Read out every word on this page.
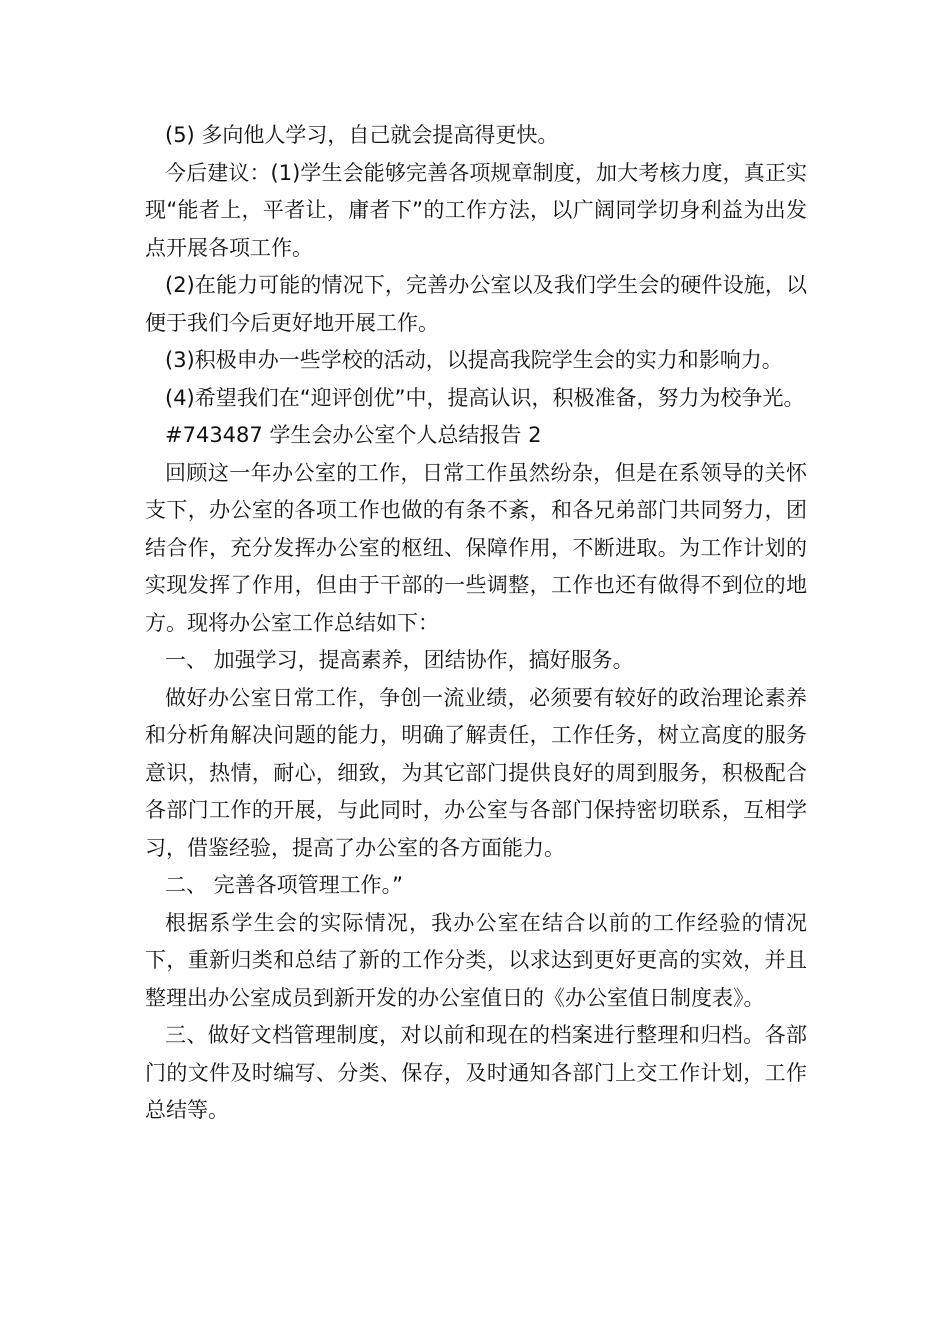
(5) 多向他人学习，自己就会提高得更快。

今后建议：(1)学生会能够完善各项规章制度，加大考核力度，真正实现“能者上，平者让，庸者下”的工作方法，以广阔同学切身利益为出发点开展各项工作。

(2)在能力可能的情况下，完善办公室以及我们学生会的硬件设施，以便于我们今后更好地开展工作。

(3)积极申办一些学校的活动，以提高我院学生会的实力和影响力。

(4)希望我们在“迎评创优”中，提高认识，积极准备，努力为校争光。

#743487 学生会办公室个人总结报告 2

回顾这一年办公室的工作，日常工作虽然纷杂，但是在系领导的关怀支下，办公室的各项工作也做的有条不紊，和各兄弟部门共同努力，团结合作，充分发挥办公室的枢纽、保障作用，不断进取。为工作计划的实现发挥了作用，但由于干部的一些调整，工作也还有做得不到位的地方。现将办公室工作总结如下：

一、 加强学习，提高素养，团结协作，搞好服务。

做好办公室日常工作，争创一流业绩，必须要有较好的政治理论素养和分析角解决问题的能力，明确了解责任，工作任务，树立高度的服务意识，热情，耐心，细致，为其它部门提供良好的周到服务，积极配合各部门工作的开展，与此同时，办公室与各部门保持密切联系，互相学习，借鉴经验，提高了办公室的各方面能力。

二、 完善各项管理工作。”

根据系学生会的实际情况，我办公室在结合以前的工作经验的情况下，重新归类和总结了新的工作分类，以求达到更好更高的实效，并且整理出办公室成员到新开发的办公室值日的《办公室值日制度表》。

三、做好文档管理制度，对以前和现在的档案进行整理和归档。各部门的文件及时编写、分类、保存，及时通知各部门上交工作计划，工作总结等。
